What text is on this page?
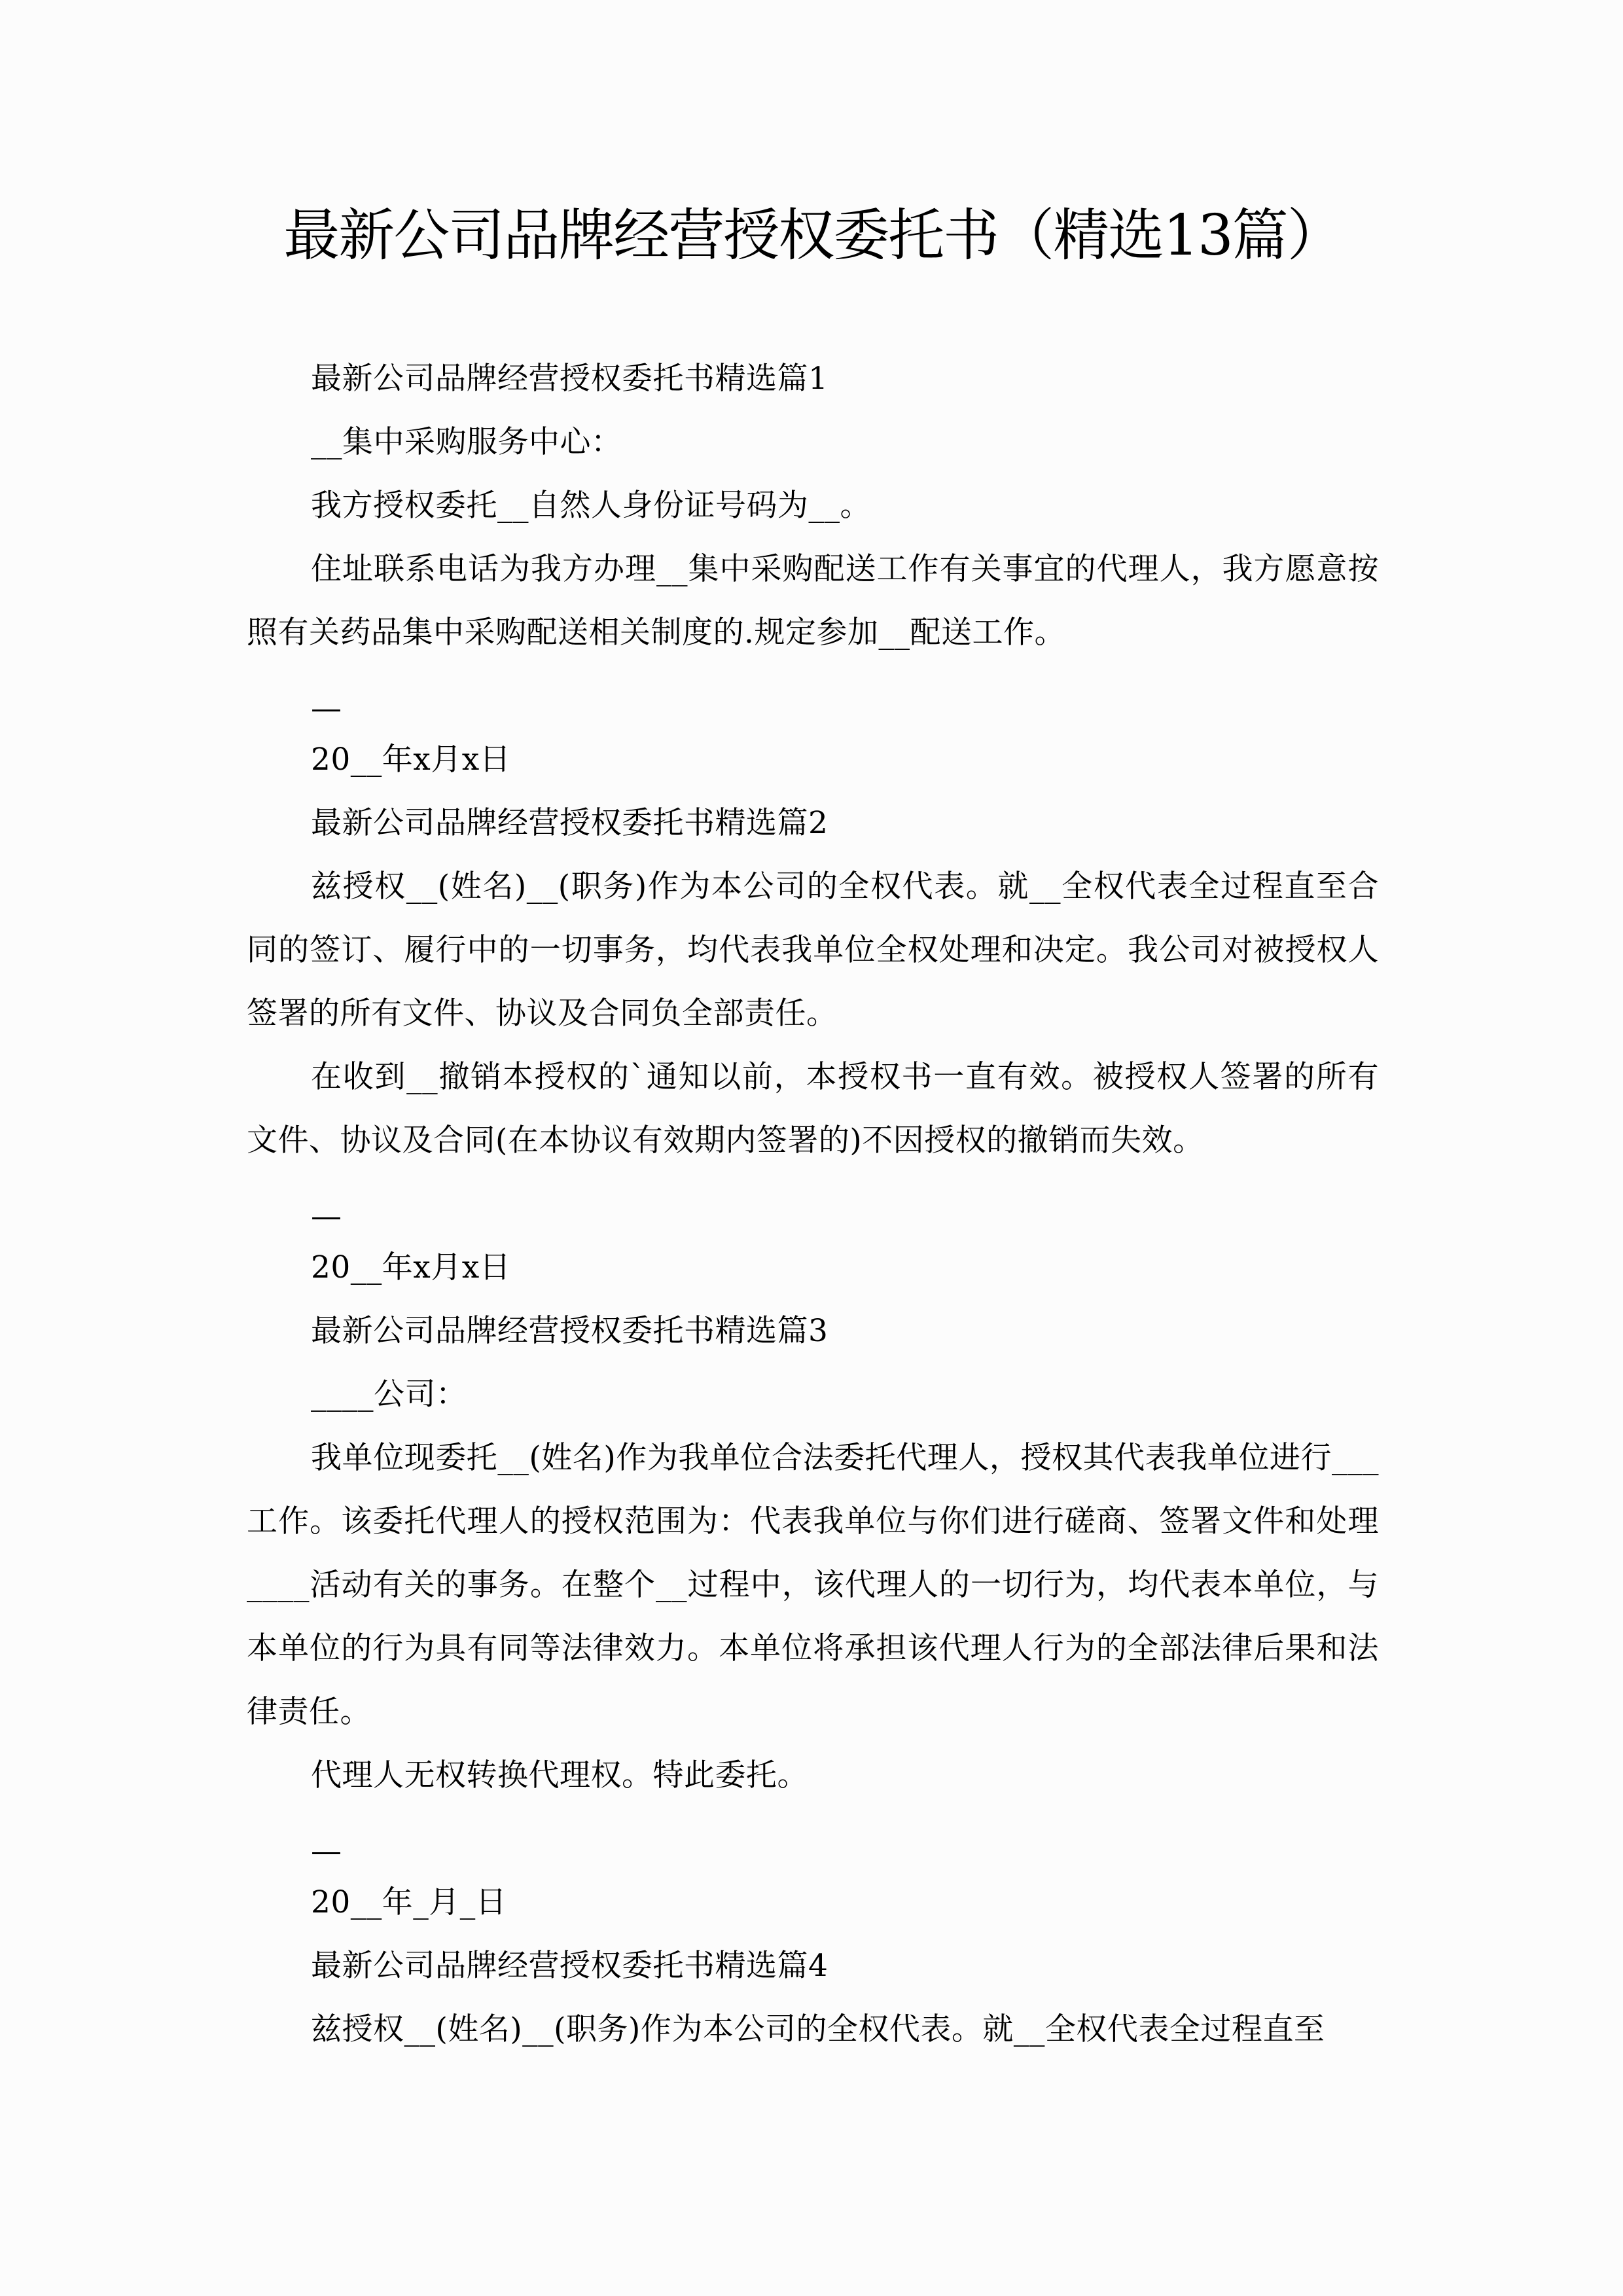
最新公司品牌经营授权委托书（精选13篇）

最新公司品牌经营授权委托书精选篇1

__集中采购服务中心：

我方授权委托__自然人身份证号码为__。

住址联系电话为我方办理__集中采购配送工作有关事宜的代理人，我方愿意按照有关药品集中采购配送相关制度的.规定参加__配送工作。

—

20__年x月x日

最新公司品牌经营授权委托书精选篇2

兹授权__(姓名)__(职务)作为本公司的全权代表。就__全权代表全过程直至合同的签订、履行中的一切事务，均代表我单位全权处理和决定。我公司对被授权人签署的所有文件、协议及合同负全部责任。

在收到__撤销本授权的`通知以前，本授权书一直有效。被授权人签署的所有文件、协议及合同(在本协议有效期内签署的)不因授权的撤销而失效。

—

20__年x月x日

最新公司品牌经营授权委托书精选篇3

____公司：

我单位现委托__(姓名)作为我单位合法委托代理人，授权其代表我单位进行___工作。该委托代理人的授权范围为：代表我单位与你们进行磋商、签署文件和处理____活动有关的事务。在整个__过程中，该代理人的一切行为，均代表本单位，与本单位的行为具有同等法律效力。本单位将承担该代理人行为的全部法律后果和法律责任。

代理人无权转换代理权。特此委托。

—

20__年_月_日

最新公司品牌经营授权委托书精选篇4

兹授权__(姓名)__(职务)作为本公司的全权代表。就__全权代表全过程直至
